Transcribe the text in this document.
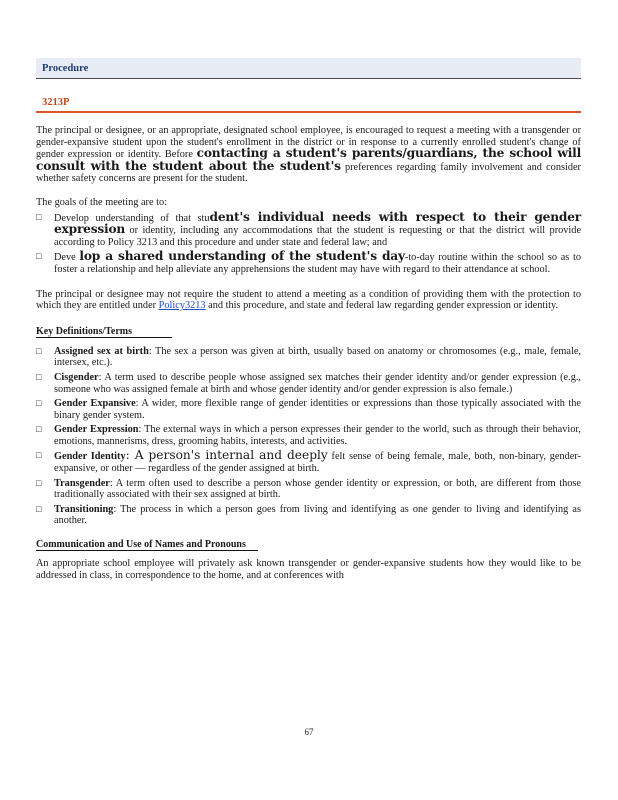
Procedure
3213P

The principal or designee, or an appropriate, designated school employee, is encouraged to request a meeting with a transgender or gender-expansive student upon the student's enrollment in the district or in response to a currently enrolled student's change of gender expression or identity. Before contacting a student's parents/guardians, the school will consult with the student about the student's preferences regarding family involvement and consider whether safety concerns are present for the student.

The goals of the meeting are to:

□ Develop understanding of that student's individual needs with respect to their gender expression or identity, including any accommodations that the student is requesting or that the district will provide according to Policy 3213 and this procedure and under state and federal law; and
□ Deve lop a shared understanding of the student's day-to-day routine within the school so as to foster a relationship and help alleviate any apprehensions the student may have with regard to their attendance at school.

The principal or designee may not require the student to attend a meeting as a condition of providing them with the protection to which they are entitled under Policy3213 and this procedure, and state and federal law regarding gender expression or identity.

Key Definitions/Terms
□ Assigned sex at birth: The sex a person was given at birth, usually based on anatomy or chromosomes (e.g., male, female, intersex, etc.).
□ Cisgender: A term used to describe people whose assigned sex matches their gender identity and/or gender expression (e.g., someone who was assigned female at birth and whose gender identity and/or gender expression is also female.)
□ Gender Expansive: A wider, more flexible range of gender identities or expressions than those typically associated with the binary gender system.
□ Gender Expression: The external ways in which a person expresses their gender to the world, such as through their behavior, emotions, mannerisms, dress, grooming habits, interests, and activities.
□ Gender Identity: A person's internal and deeply felt sense of being female, male, both, non-binary, gender-expansive, or other — regardless of the gender assigned at birth.
□ Transgender: A term often used to describe a person whose gender identity or expression, or both, are different from those traditionally associated with their sex assigned at birth.
□ Transitioning: The process in which a person goes from living and identifying as one gender to living and identifying as another.
Communication and Use of Names and Pronouns

An appropriate school employee will privately ask known transgender or gender-expansive students how they would like to be addressed in class, in correspondence to the home, and at conferences with

67
